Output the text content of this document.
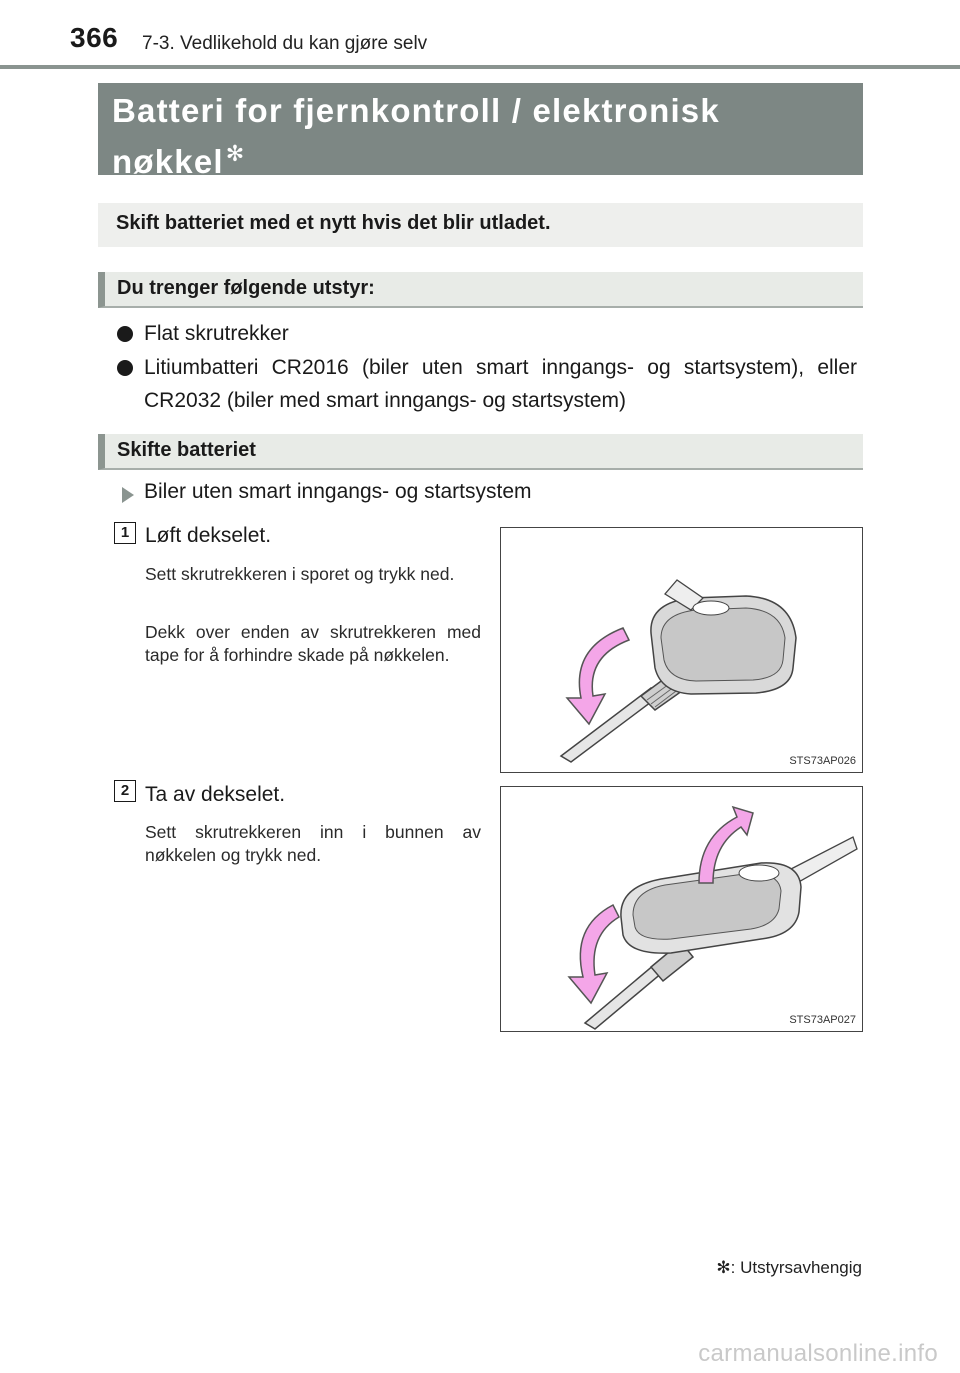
366 7-3. Vedlikehold du kan gjøre selv
Batteri for fjernkontroll / elektronisk nøkkel✻
Skift batteriet med et nytt hvis det blir utladet.
Du trenger følgende utstyr:
Flat skrutrekker
Litiumbatteri CR2016 (biler uten smart inngangs- og startsystem), eller CR2032 (biler med smart inngangs- og startsystem)
Skifte batteriet
Biler uten smart inngangs- og startsystem
1 Løft dekselet.
Sett skrutrekkeren i sporet og trykk ned.
Dekk over enden av skrutrekkeren med tape for å forhindre skade på nøkkelen.
STS73AP026
2 Ta av dekselet.
Sett skrutrekkeren inn i bunnen av nøkkelen og trykk ned.
STS73AP027
✻: Utstyrsavhengig
carmanualsonline.info
